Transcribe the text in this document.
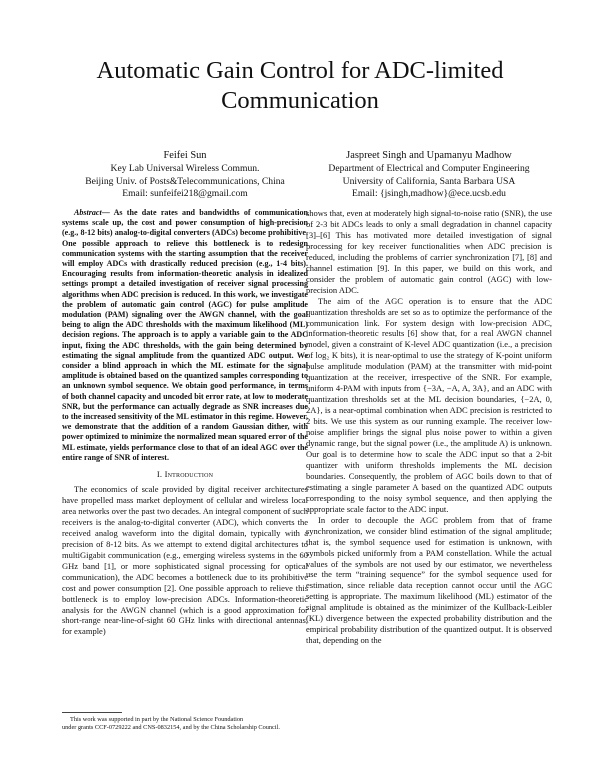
Automatic Gain Control for ADC-limited Communication
Feifei Sun
Key Lab Universal Wireless Commun.
Beijing Univ. of Posts&Telecommunications, China
Email: sunfeifei218@gmail.com
Jaspreet Singh and Upamanyu Madhow
Department of Electrical and Computer Engineering
University of California, Santa Barbara USA
Email: {jsingh,madhow}@ece.ucsb.edu

Abstract— As the date rates and bandwidths of communication systems scale up, the cost and power consumption of high-precision (e.g., 8-12 bits) analog-to-digital converters (ADCs) become prohibitive. One possible approach to relieve this bottleneck is to redesign communication systems with the starting assumption that the receiver will employ ADCs with drastically reduced precision (e.g., 1-4 bits). Encouraging results from information-theoretic analysis in idealized settings prompt a detailed investigation of receiver signal processing algorithms when ADC precision is reduced. In this work, we investigate the problem of automatic gain control (AGC) for pulse amplitude modulation (PAM) signaling over the AWGN channel, with the goal being to align the ADC thresholds with the maximum likelihood (ML) decision regions. The approach is to apply a variable gain to the ADC input, fixing the ADC thresholds, with the gain being determined by estimating the signal amplitude from the quantized ADC output. We consider a blind approach in which the ML estimate for the signal amplitude is obtained based on the quantized samples corresponding to an unknown symbol sequence. We obtain good performance, in terms of both channel capacity and uncoded bit error rate, at low to moderate SNR, but the performance can actually degrade as SNR increases due to the increased sensitivity of the ML estimator in this regime. However, we demonstrate that the addition of a random Gaussian dither, with power optimized to minimize the normalized mean squared error of the ML estimate, yields performance close to that of an ideal AGC over the entire range of SNR of interest.

I. Introduction

The economics of scale provided by digital receiver architectures have propelled mass market deployment of cellular and wireless local area networks over the past two decades. An integral component of such receivers is the analog-to-digital converter (ADC), which converts the received analog waveform into the digital domain, typically with a precision of 8-12 bits. As we attempt to extend digital architectures to multiGigabit communication (e.g., emerging wireless systems in the 60 GHz band [1], or more sophisticated signal processing for optical communication), the ADC becomes a bottleneck due to its prohibitive cost and power consumption [2]. One possible approach to relieve this bottleneck is to employ low-precision ADCs. Information-theoretic analysis for the AWGN channel (which is a good approximation for short-range near-line-of-sight 60 GHz links with directional antennas, for example)

shows that, even at moderately high signal-to-noise ratio (SNR), the use of 2-3 bit ADCs leads to only a small degradation in channel capacity [3]–[6] This has motivated more detailed investigation of signal processing for key receiver functionalities when ADC precision is reduced, including the problems of carrier synchronization [7], [8] and channel estimation [9]. In this paper, we build on this work, and consider the problem of automatic gain control (AGC) with low-precision ADC.

The aim of the AGC operation is to ensure that the ADC quantization thresholds are set so as to optimize the performance of the communication link. For system design with low-precision ADC, information-theoretic results [6] show that, for a real AWGN channel model, given a constraint of K-level ADC quantization (i.e., a precision of log₂ K bits), it is near-optimal to use the strategy of K-point uniform pulse amplitude modulation (PAM) at the transmitter with mid-point quantization at the receiver, irrespective of the SNR. For example, uniform 4-PAM with inputs from {−3A, −A, A, 3A}, and an ADC with quantization thresholds set at the ML decision boundaries, {−2A, 0, 2A}, is a near-optimal combination when ADC precision is restricted to 2 bits. We use this system as our running example. The receiver low-noise amplifier brings the signal plus noise power to within a given dynamic range, but the signal power (i.e., the amplitude A) is unknown. Our goal is to determine how to scale the ADC input so that a 2-bit quantizer with uniform thresholds implements the ML decision boundaries. Consequently, the problem of AGC boils down to that of estimating a single parameter A based on the quantized ADC outputs corresponding to the noisy symbol sequence, and then applying the appropriate scale factor to the ADC input.

In order to decouple the AGC problem from that of frame synchronization, we consider blind estimation of the signal amplitude; that is, the symbol sequence used for estimation is unknown, with symbols picked uniformly from a PAM constellation. While the actual values of the symbols are not used by our estimator, we nevertheless use the term “training sequence” for the symbol sequence used for estimation, since reliable data reception cannot occur until the AGC setting is appropriate. The maximum likelihood (ML) estimator of the signal amplitude is obtained as the minimizer of the Kullback-Leibler (KL) divergence between the expected probability distribution and the empirical probability distribution of the quantized output. It is observed that, depending on the

This work was supported in part by the National Science Foundation
under grants CCF-0729222 and CNS-0832154, and by the China Scholarship Council.
